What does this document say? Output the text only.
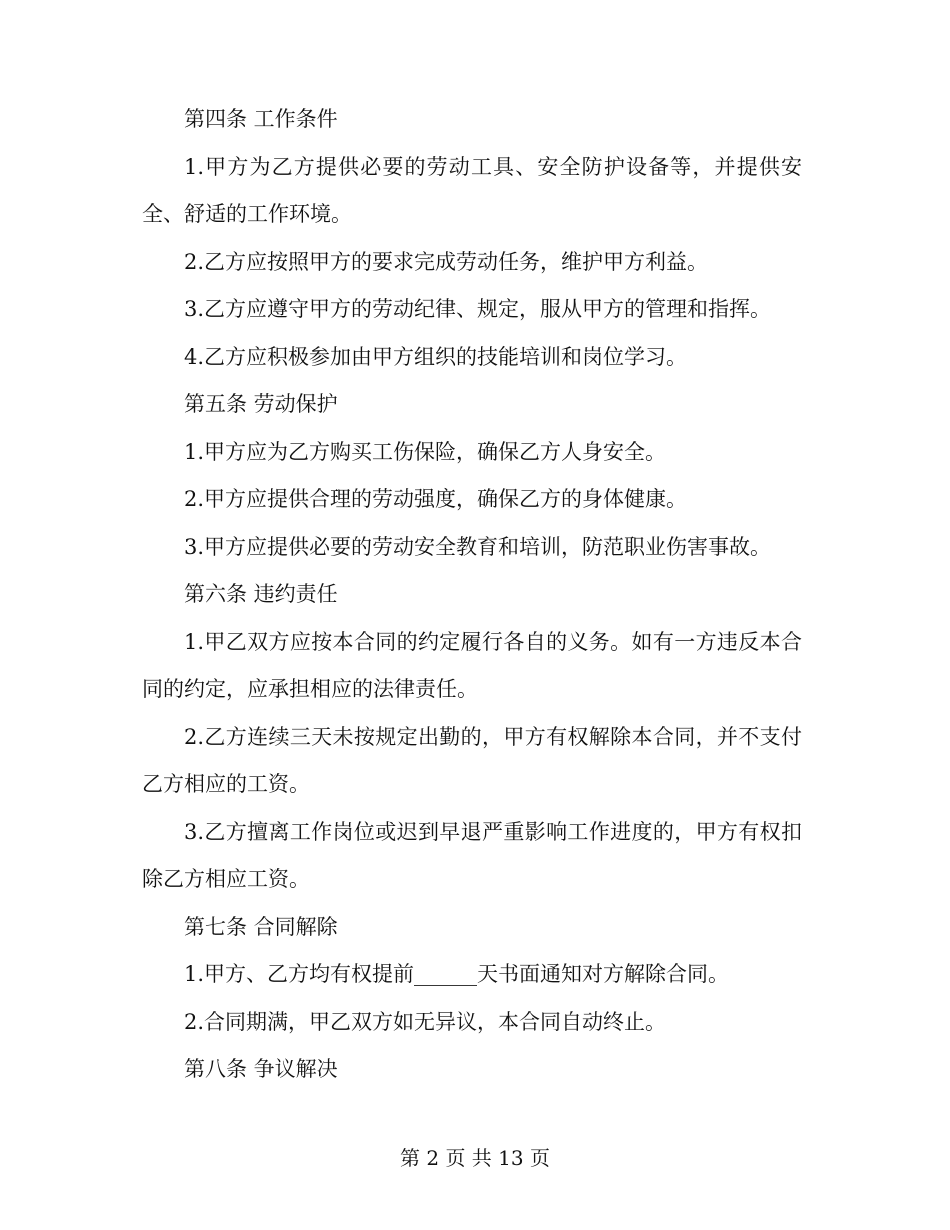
第四条 工作条件

1.甲方为乙方提供必要的劳动工具、安全防护设备等，并提供安全、舒适的工作环境。

2.乙方应按照甲方的要求完成劳动任务，维护甲方利益。

3.乙方应遵守甲方的劳动纪律、规定，服从甲方的管理和指挥。

4.乙方应积极参加由甲方组织的技能培训和岗位学习。

第五条 劳动保护

1.甲方应为乙方购买工伤保险，确保乙方人身安全。

2.甲方应提供合理的劳动强度，确保乙方的身体健康。

3.甲方应提供必要的劳动安全教育和培训，防范职业伤害事故。

第六条 违约责任

1.甲乙双方应按本合同的约定履行各自的义务。如有一方违反本合同的约定，应承担相应的法律责任。

2.乙方连续三天未按规定出勤的，甲方有权解除本合同，并不支付乙方相应的工资。

3.乙方擅离工作岗位或迟到早退严重影响工作进度的，甲方有权扣除乙方相应工资。

第七条 合同解除

1.甲方、乙方均有权提前______天书面通知对方解除合同。

2.合同期满，甲乙双方如无异议，本合同自动终止。

第八条 争议解决

第 2 页 共 13 页
